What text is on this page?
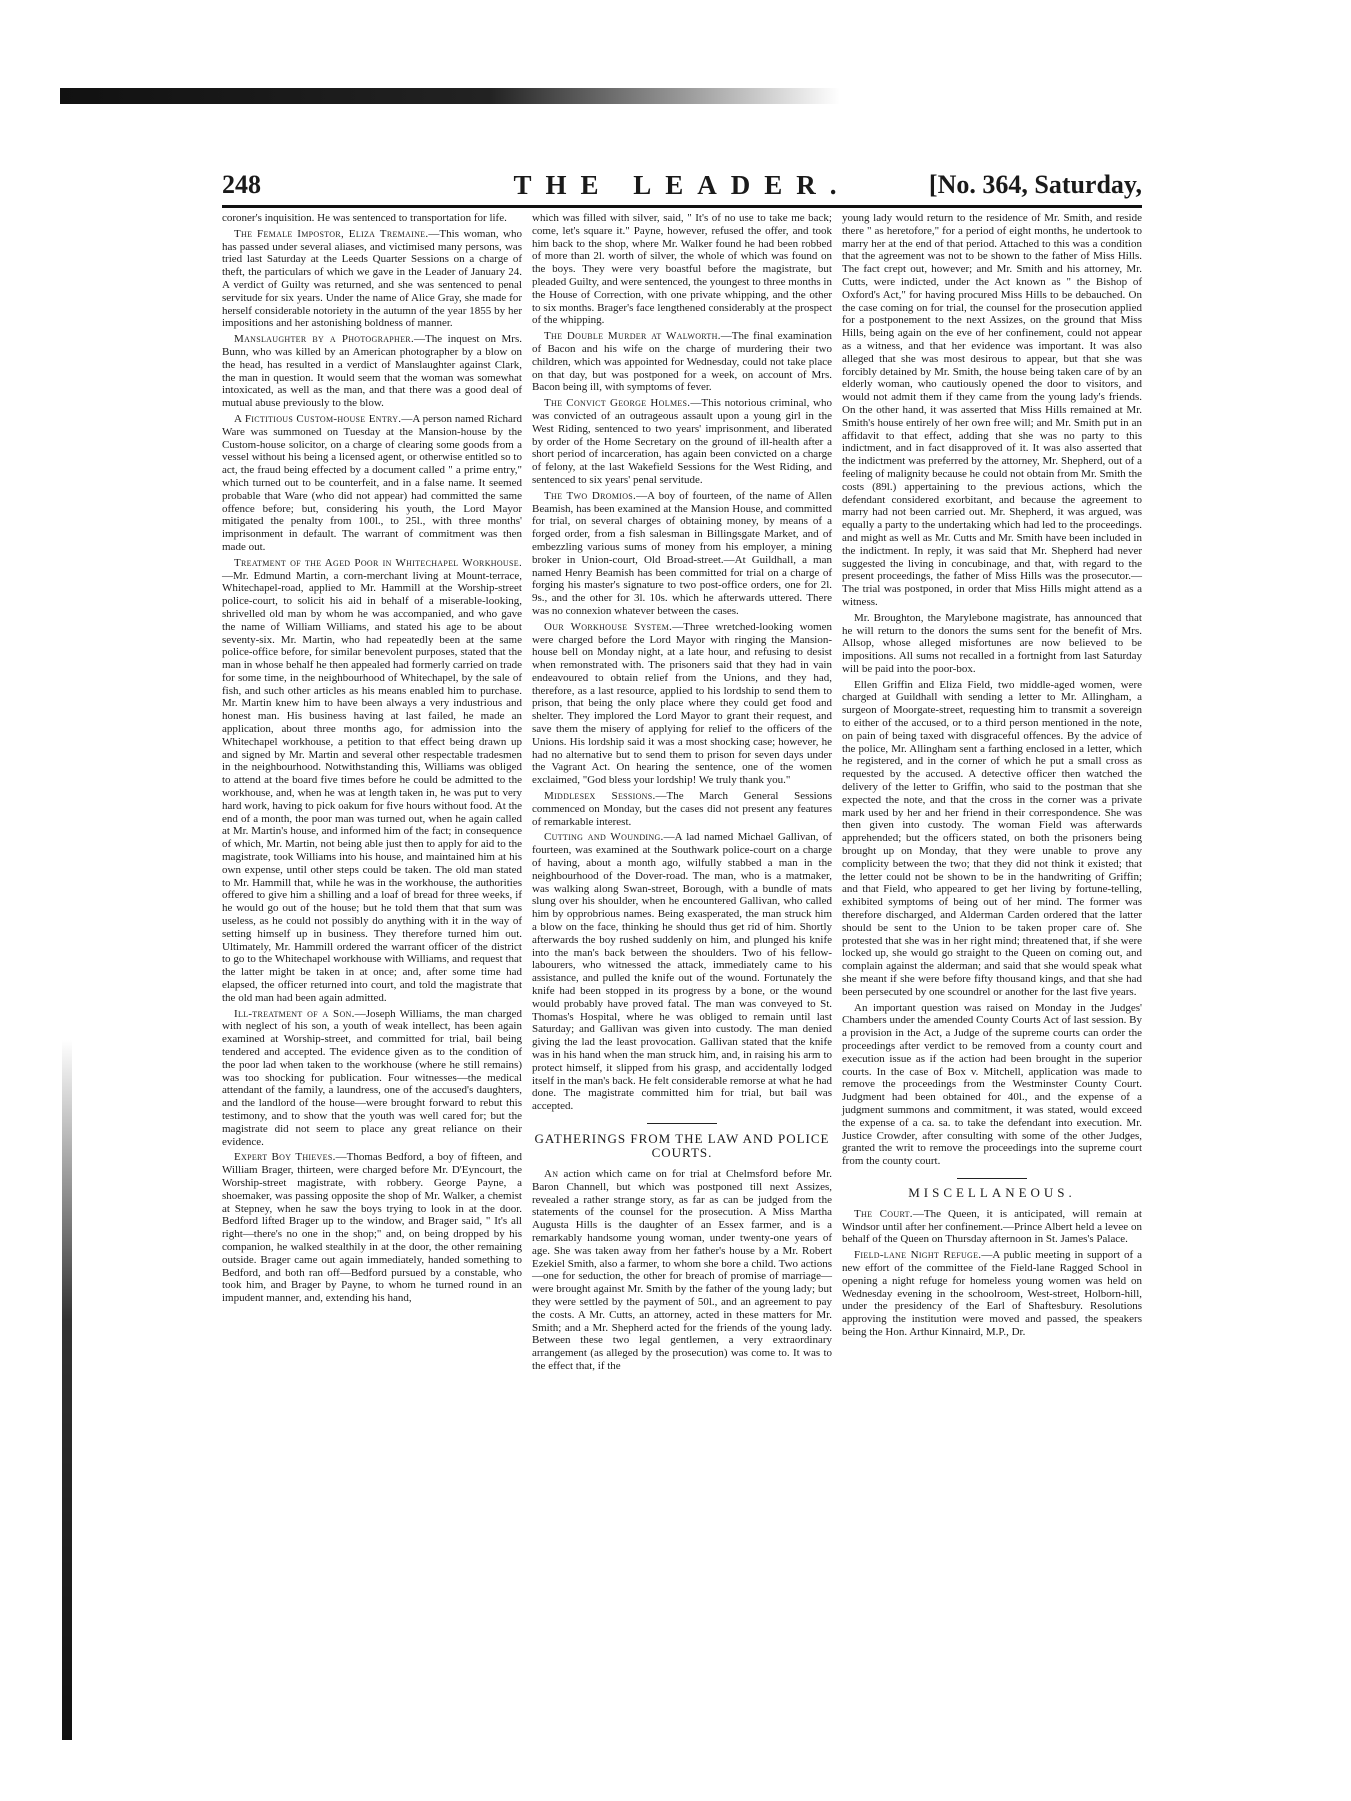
248	THE LEADER.	[No. 364, Saturday,

coroner's inquisition. He was sentenced to transportation for life.

The Female Impostor, Eliza Tremaine.—This woman, who has passed under several aliases, and victimised many persons, was tried last Saturday at the Leeds Quarter Sessions on a charge of theft, the particulars of which we gave in the Leader of January 24. A verdict of Guilty was returned, and she was sentenced to penal servitude for six years. Under the name of Alice Gray, she made for herself considerable notoriety in the autumn of the year 1855 by her impositions and her astonishing boldness of manner.

Manslaughter by a Photographer.—The inquest on Mrs. Bunn, who was killed by an American photographer by a blow on the head, has resulted in a verdict of Manslaughter against Clark, the man in question. It would seem that the woman was somewhat intoxicated, as well as the man, and that there was a good deal of mutual abuse previously to the blow.

A Fictitious Custom-house Entry.—A person named Richard Ware was summoned on Tuesday at the Mansion-house by the Custom-house solicitor, on a charge of clearing some goods from a vessel without his being a licensed agent, or otherwise entitled so to act, the fraud being effected by a document called " a prime entry," which turned out to be counterfeit, and in a false name. It seemed probable that Ware (who did not appear) had committed the same offence before; but, considering his youth, the Lord Mayor mitigated the penalty from 100l., to 25l., with three months' imprisonment in default. The warrant of commitment was then made out.

Treatment of the Aged Poor in Whitechapel Workhouse.—Mr. Edmund Martin, a corn-merchant living at Mount-terrace, Whitechapel-road, applied to Mr. Hammill at the Worship-street police-court, to solicit his aid in behalf of a miserable-looking, shrivelled old man by whom he was accompanied, and who gave the name of William Williams, and stated his age to be about seventy-six. Mr. Martin, who had repeatedly been at the same police-office before, for similar benevolent purposes, stated that the man in whose behalf he then appealed had formerly carried on trade for some time, in the neighbourhood of Whitechapel, by the sale of fish, and such other articles as his means enabled him to purchase. Mr. Martin knew him to have been always a very industrious and honest man. His business having at last failed, he made an application, about three months ago, for admission into the Whitechapel workhouse, a petition to that effect being drawn up and signed by Mr. Martin and several other respectable tradesmen in the neighbourhood. Notwithstanding this, Williams was obliged to attend at the board five times before he could be admitted to the workhouse, and, when he was at length taken in, he was put to very hard work, having to pick oakum for five hours without food. At the end of a month, the poor man was turned out, when he again called at Mr. Martin's house, and informed him of the fact; in consequence of which, Mr. Martin, not being able just then to apply for aid to the magistrate, took Williams into his house, and maintained him at his own expense, until other steps could be taken. The old man stated to Mr. Hammill that, while he was in the workhouse, the authorities offered to give him a shilling and a loaf of bread for three weeks, if he would go out of the house; but he told them that that sum was useless, as he could not possibly do anything with it in the way of setting himself up in business. They therefore turned him out. Ultimately, Mr. Hammill ordered the warrant officer of the district to go to the Whitechapel workhouse with Williams, and request that the latter might be taken in at once; and, after some time had elapsed, the officer returned into court, and told the magistrate that the old man had been again admitted.

Ill-treatment of a Son.—Joseph Williams, the man charged with neglect of his son, a youth of weak intellect, has been again examined at Worship-street, and committed for trial, bail being tendered and accepted. The evidence given as to the condition of the poor lad when taken to the workhouse (where he still remains) was too shocking for publication. Four witnesses—the medical attendant of the family, a laundress, one of the accused's daughters, and the landlord of the house—were brought forward to rebut this testimony, and to show that the youth was well cared for; but the magistrate did not seem to place any great reliance on their evidence.

Expert Boy Thieves.—Thomas Bedford, a boy of fifteen, and William Brager, thirteen, were charged before Mr. D'Eyncourt, the Worship-street magistrate, with robbery. George Payne, a shoemaker, was passing opposite the shop of Mr. Walker, a chemist at Stepney, when he saw the boys trying to look in at the door. Bedford lifted Brager up to the window, and Brager said, " It's all right—there's no one in the shop;" and, on being dropped by his companion, he walked stealthily in at the door, the other remaining outside. Brager came out again immediately, handed something to Bedford, and both ran off—Bedford pursued by a constable, who took him, and Brager by Payne, to whom he turned round in an impudent manner, and, extending his hand,

which was filled with silver, said, " It's of no use to take me back; come, let's square it." Payne, however, refused the offer, and took him back to the shop, where Mr. Walker found he had been robbed of more than 2l. worth of silver, the whole of which was found on the boys. They were very boastful before the magistrate, but pleaded Guilty, and were sentenced, the youngest to three months in the House of Correction, with one private whipping, and the other to six months. Brager's face lengthened considerably at the prospect of the whipping.

The Double Murder at Walworth.—The final examination of Bacon and his wife on the charge of murdering their two children, which was appointed for Wednesday, could not take place on that day, but was postponed for a week, on account of Mrs. Bacon being ill, with symptoms of fever.

The Convict George Holmes.—This notorious criminal, who was convicted of an outrageous assault upon a young girl in the West Riding, sentenced to two years' imprisonment, and liberated by order of the Home Secretary on the ground of ill-health after a short period of incarceration, has again been convicted on a charge of felony, at the last Wakefield Sessions for the West Riding, and sentenced to six years' penal servitude.

The Two Dromios.—A boy of fourteen, of the name of Allen Beamish, has been examined at the Mansion House, and committed for trial, on several charges of obtaining money, by means of a forged order, from a fish salesman in Billingsgate Market, and of embezzling various sums of money from his employer, a mining broker in Union-court, Old Broad-street.—At Guildhall, a man named Henry Beamish has been committed for trial on a charge of forging his master's signature to two post-office orders, one for 2l. 9s., and the other for 3l. 10s. which he afterwards uttered. There was no connexion whatever between the cases.

Our Workhouse System.—Three wretched-looking women were charged before the Lord Mayor with ringing the Mansion-house bell on Monday night, at a late hour, and refusing to desist when remonstrated with. The prisoners said that they had in vain endeavoured to obtain relief from the Unions, and they had, therefore, as a last resource, applied to his lordship to send them to prison, that being the only place where they could get food and shelter. They implored the Lord Mayor to grant their request, and save them the misery of applying for relief to the officers of the Unions. His lordship said it was a most shocking case; however, he had no alternative but to send them to prison for seven days under the Vagrant Act. On hearing the sentence, one of the women exclaimed, "God bless your lordship! We truly thank you."

Middlesex Sessions.—The March General Sessions commenced on Monday, but the cases did not present any features of remarkable interest.

Cutting and Wounding.—A lad named Michael Gallivan, of fourteen, was examined at the Southwark police-court on a charge of having, about a month ago, wilfully stabbed a man in the neighbourhood of the Dover-road. The man, who is a matmaker, was walking along Swan-street, Borough, with a bundle of mats slung over his shoulder, when he encountered Gallivan, who called him by opprobrious names. Being exasperated, the man struck him a blow on the face, thinking he should thus get rid of him. Shortly afterwards the boy rushed suddenly on him, and plunged his knife into the man's back between the shoulders. Two of his fellow-labourers, who witnessed the attack, immediately came to his assistance, and pulled the knife out of the wound. Fortunately the knife had been stopped in its progress by a bone, or the wound would probably have proved fatal. The man was conveyed to St. Thomas's Hospital, where he was obliged to remain until last Saturday; and Gallivan was given into custody. The man denied giving the lad the least provocation. Gallivan stated that the knife was in his hand when the man struck him, and, in raising his arm to protect himself, it slipped from his grasp, and accidentally lodged itself in the man's back. He felt considerable remorse at what he had done. The magistrate committed him for trial, but bail was accepted.

GATHERINGS FROM THE LAW AND POLICE COURTS.

An action which came on for trial at Chelmsford before Mr. Baron Channell, but which was postponed till next Assizes, revealed a rather strange story, as far as can be judged from the statements of the counsel for the prosecution. A Miss Martha Augusta Hills is the daughter of an Essex farmer, and is a remarkably handsome young woman, under twenty-one years of age. She was taken away from her father's house by a Mr. Robert Ezekiel Smith, also a farmer, to whom she bore a child. Two actions—one for seduction, the other for breach of promise of marriage—were brought against Mr. Smith by the father of the young lady; but they were settled by the payment of 50l., and an agreement to pay the costs. A Mr. Cutts, an attorney, acted in these matters for Mr. Smith; and a Mr. Shepherd acted for the friends of the young lady. Between these two legal gentlemen, a very extraordinary arrangement (as alleged by the prosecution) was come to. It was to the effect that, if the

young lady would return to the residence of Mr. Smith, and reside there " as heretofore," for a period of eight months, he undertook to marry her at the end of that period. Attached to this was a condition that the agreement was not to be shown to the father of Miss Hills. The fact crept out, however; and Mr. Smith and his attorney, Mr. Cutts, were indicted, under the Act known as " the Bishop of Oxford's Act," for having procured Miss Hills to be debauched. On the case coming on for trial, the counsel for the prosecution applied for a postponement to the next Assizes, on the ground that Miss Hills, being again on the eve of her confinement, could not appear as a witness, and that her evidence was important. It was also alleged that she was most desirous to appear, but that she was forcibly detained by Mr. Smith, the house being taken care of by an elderly woman, who cautiously opened the door to visitors, and would not admit them if they came from the young lady's friends. On the other hand, it was asserted that Miss Hills remained at Mr. Smith's house entirely of her own free will; and Mr. Smith put in an affidavit to that effect, adding that she was no party to this indictment, and in fact disapproved of it. It was also asserted that the indictment was preferred by the attorney, Mr. Shepherd, out of a feeling of malignity because he could not obtain from Mr. Smith the costs (89l.) appertaining to the previous actions, which the defendant considered exorbitant, and because the agreement to marry had not been carried out. Mr. Shepherd, it was argued, was equally a party to the undertaking which had led to the proceedings. and might as well as Mr. Cutts and Mr. Smith have been included in the indictment. In reply, it was said that Mr. Shepherd had never suggested the living in concubinage, and that, with regard to the present proceedings, the father of Miss Hills was the prosecutor.—The trial was postponed, in order that Miss Hills might attend as a witness.

Mr. Broughton, the Marylebone magistrate, has announced that he will return to the donors the sums sent for the benefit of Mrs. Allsop, whose alleged misfortunes are now believed to be impositions. All sums not recalled in a fortnight from last Saturday will be paid into the poor-box.

Ellen Griffin and Eliza Field, two middle-aged women, were charged at Guildhall with sending a letter to Mr. Allingham, a surgeon of Moorgate-street, requesting him to transmit a sovereign to either of the accused, or to a third person mentioned in the note, on pain of being taxed with disgraceful offences. By the advice of the police, Mr. Allingham sent a farthing enclosed in a letter, which he registered, and in the corner of which he put a small cross as requested by the accused. A detective officer then watched the delivery of the letter to Griffin, who said to the postman that she expected the note, and that the cross in the corner was a private mark used by her and her friend in their correspondence. She was then given into custody. The woman Field was afterwards apprehended; but the officers stated, on both the prisoners being brought up on Monday, that they were unable to prove any complicity between the two; that they did not think it existed; that the letter could not be shown to be in the handwriting of Griffin; and that Field, who appeared to get her living by fortune-telling, exhibited symptoms of being out of her mind. The former was therefore discharged, and Alderman Carden ordered that the latter should be sent to the Union to be taken proper care of. She protested that she was in her right mind; threatened that, if she were locked up, she would go straight to the Queen on coming out, and complain against the alderman; and said that she would speak what she meant if she were before fifty thousand kings, and that she had been persecuted by one scoundrel or another for the last five years.

An important question was raised on Monday in the Judges' Chambers under the amended County Courts Act of last session. By a provision in the Act, a Judge of the supreme courts can order the proceedings after verdict to be removed from a county court and execution issue as if the action had been brought in the superior courts. In the case of Box v. Mitchell, application was made to remove the proceedings from the Westminster County Court. Judgment had been obtained for 40l., and the expense of a judgment summons and commitment, it was stated, would exceed the expense of a ca. sa. to take the defendant into execution. Mr. Justice Crowder, after consulting with some of the other Judges, granted the writ to remove the proceedings into the supreme court from the county court.

MISCELLANEOUS.

The Court.—The Queen, it is anticipated, will remain at Windsor until after her confinement.—Prince Albert held a levee on behalf of the Queen on Thursday afternoon in St. James's Palace.

Field-lane Night Refuge.—A public meeting in support of a new effort of the committee of the Field-lane Ragged School in opening a night refuge for homeless young women was held on Wednesday evening in the schoolroom, West-street, Holborn-hill, under the presidency of the Earl of Shaftesbury. Resolutions approving the institution were moved and passed, the speakers being the Hon. Arthur Kinnaird, M.P., Dr.
